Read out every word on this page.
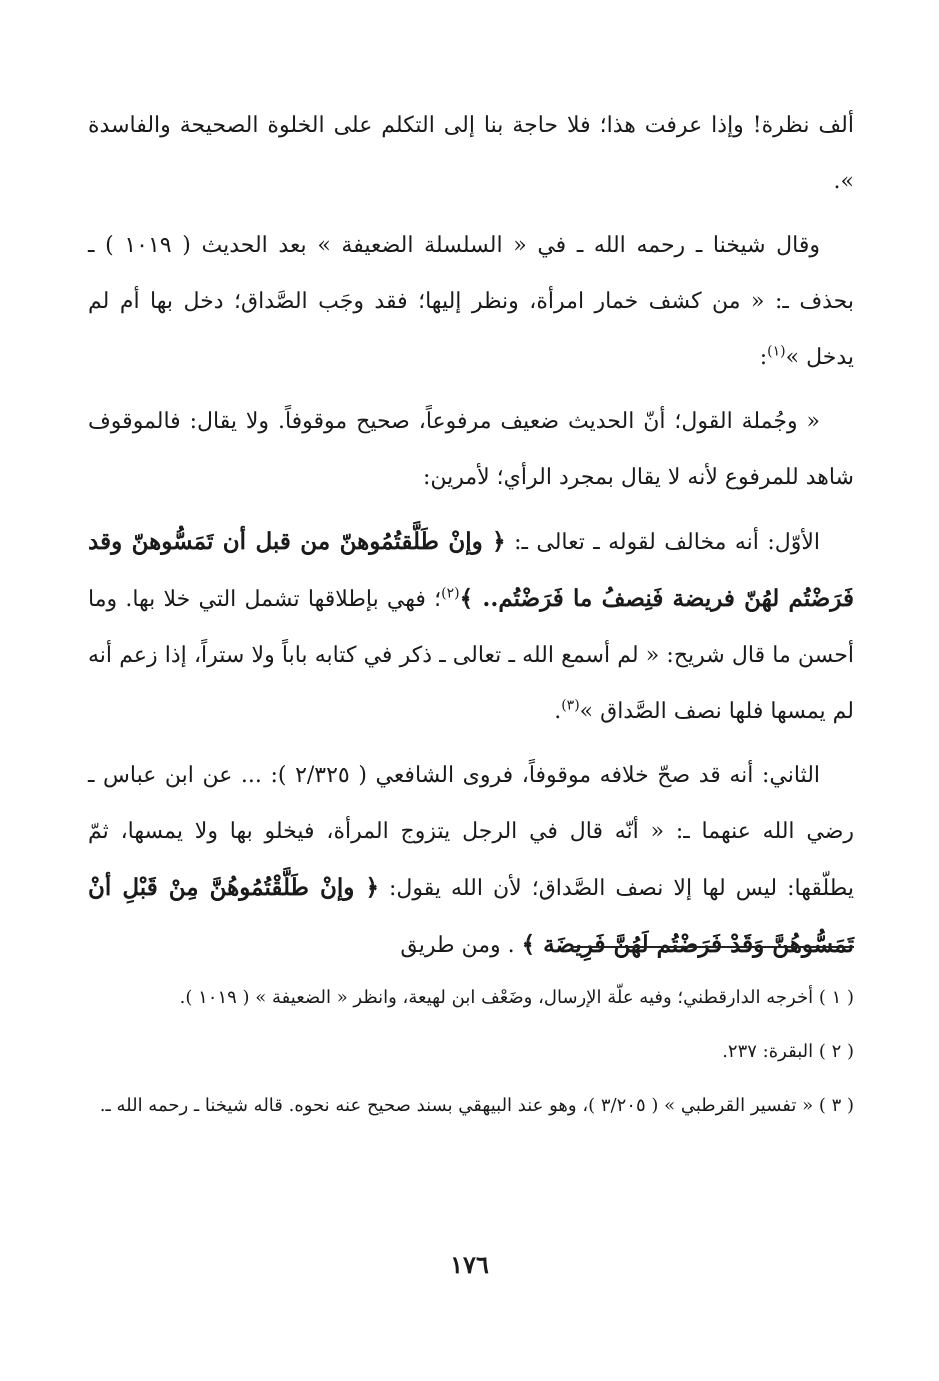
ألف نظرة! وإذا عرفت هذا؛ فلا حاجة بنا إلى التكلم على الخلوة الصحيحة والفاسدة ».

وقال شيخنا ـ رحمه الله ـ في « السلسلة الضعيفة » بعد الحديث ( ١٠١٩ ) ـ بحذف ـ: « من كشف خمار امرأة، ونظر إليها؛ فقد وجَب الصَّداق؛ دخل بها أم لم يدخل »$^{(١)}$:

« وجُملة القول؛ أنّ الحديث ضعيف مرفوعاً، صحيح موقوفاً. ولا يقال: فالموقوف شاهد للمرفوع لأنه لا يقال بمجرد الرأي؛ لأمرين:

الأوّل: أنه مخالف لقوله ـ تعالى ـ: ﴿ وإنْ طَلَّقتُمُوهنّ من قبل أن تَمَسُّوهنّ وقد فَرَضْتُم لهُنّ فريضة فَنِصفُ ما فَرَضْتُم.. ﴾$^{(٢)}$؛ فهي بإطلاقها تشمل التي خلا بها. وما أحسن ما قال شريح: « لم أسمع الله ـ تعالى ـ ذكر في كتابه باباً ولا ستراً، إذا زعم أنه لم يمسها فلها نصف الصَّداق »$^{(٣)}$.

الثاني: أنه قد صحّ خلافه موقوفاً، فروى الشافعي ( ٢/٣٢٥ ): ... عن ابن عباس ـ رضي الله عنهما ـ: « أنّه قال في الرجل يتزوج المرأة، فيخلو بها ولا يمسها، ثمّ يطلّقها: ليس لها إلا نصف الصَّداق؛ لأن الله يقول: ﴿ وإنْ طَلَّقْتُمُوهُنَّ مِنْ قَبْلِ أنْ تَمَسُّوهُنَّ وَقَدْ فَرَضْتُم لَهُنَّ فَرِيضَة ﴾ . ومن طريق

( ١ ) أخرجه الدارقطني؛ وفيه علّة الإرسال، وضَعْف ابن لهيعة، وانظر « الضعيفة » ( ١٠١٩ ).

( ٢ ) البقرة: ٢٣٧.

( ٣ ) « تفسير القرطبي » ( ٣/٢٠٥ )، وهو عند البيهقي بسند صحيح عنه نحوه. قاله شيخنا ـ رحمه الله ـ.

١٧٦
